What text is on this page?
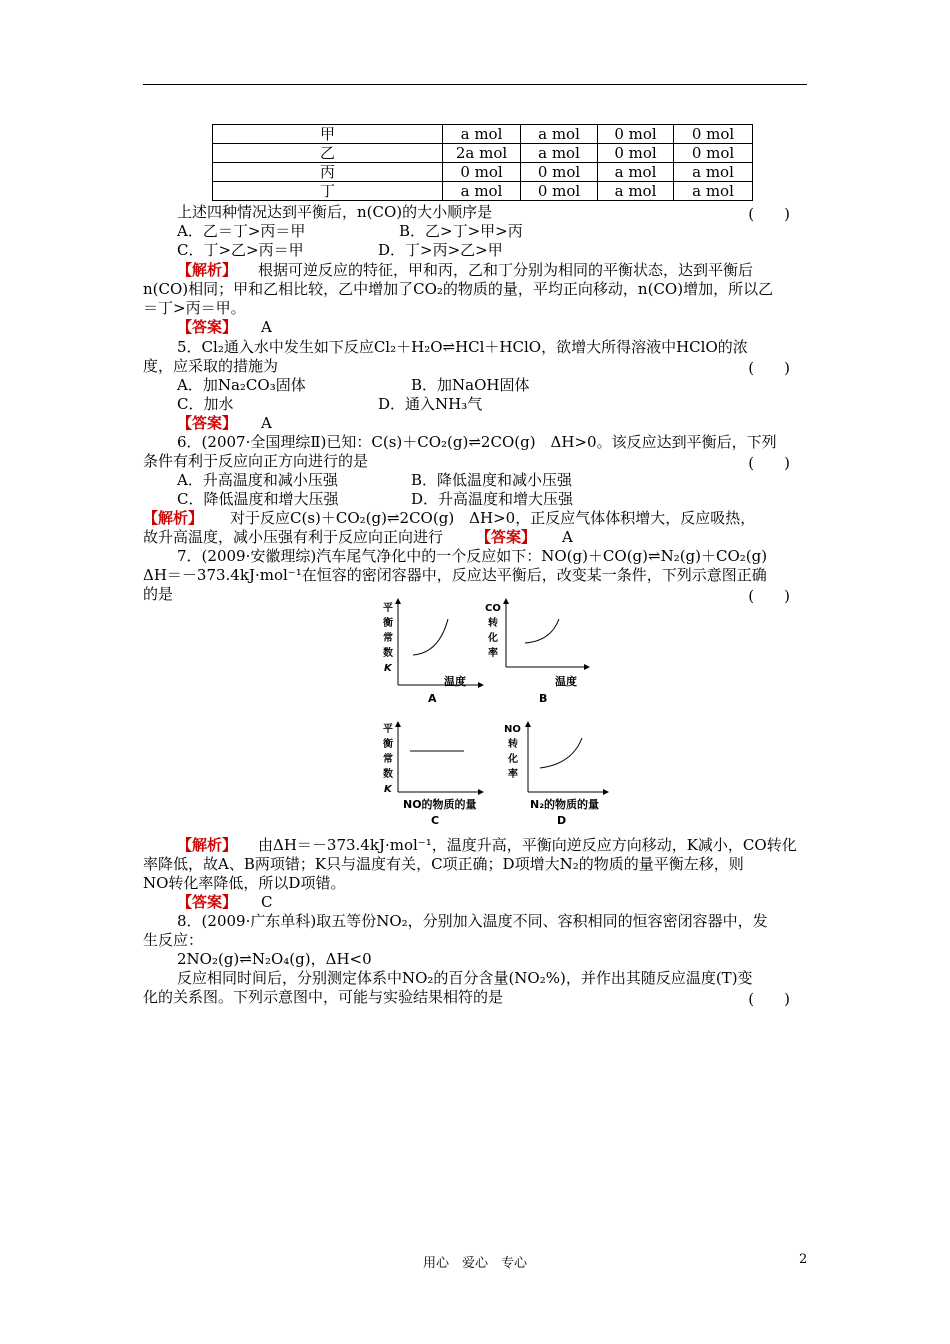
甲	a mol	a mol	0 mol	0 mol
乙	2a mol	a mol	0 mol	0 mol
丙	0 mol	0 mol	a mol	a mol
丁	a mol	0 mol	a mol	a mol
上述四种情况达到平衡后，n(CO)的大小顺序是	(　　)
A．乙＝丁>丙＝甲	B．乙>丁>甲>丙
C．丁>乙>丙＝甲	D．丁>丙>乙>甲
【解析】 根据可逆反应的特征，甲和丙，乙和丁分别为相同的平衡状态，达到平衡后
n(CO)相同；甲和乙相比较，乙中增加了CO₂的物质的量，平均正向移动，n(CO)增加，所以乙
＝丁>丙＝甲。
【答案】 A
5．Cl₂通入水中发生如下反应Cl₂＋H₂O⇌HCl＋HClO，欲增大所得溶液中HClO的浓
度，应采取的措施为	(　　)
A．加Na₂CO₃固体	B．加NaOH固体
C．加水	D．通入NH₃气
【答案】 A
6．(2007·全国理综Ⅱ)已知：C(s)＋CO₂(g)⇌2CO(g)　ΔH>0。该反应达到平衡后，下列
条件有利于反应向正方向进行的是	(　　)
A．升高温度和减小压强	B．降低温度和减小压强
C．降低温度和增大压强	D．升高温度和增大压强
【解析】 对于反应C(s)＋CO₂(g)⇌2CO(g)　ΔH>0，正反应气体体积增大，反应吸热，
故升高温度，减小压强有利于反应向正向进行 【答案】 A
7．(2009·安徽理综)汽车尾气净化中的一个反应如下：NO(g)＋CO(g)⇌N₂(g)＋CO₂(g)
ΔH＝－373.4kJ·mol⁻¹在恒容的密闭容器中，反应达平衡后，改变某一条件，下列示意图正确
的是	(　　)
平
衡
常
数
K
温度
A
CO
转
化
率
温度
B
平
衡
常
数
K
NO的物质的量
C
NO
转
化
率
N₂的物质的量
D
【解析】 由ΔH＝－373.4kJ·mol⁻¹，温度升高，平衡向逆反应方向移动，K减小，CO转化
率降低，故A、B两项错；K只与温度有关，C项正确；D项增大N₂的物质的量平衡左移，则
NO转化率降低，所以D项错。
【答案】 C
8．(2009·广东单科)取五等份NO₂，分别加入温度不同、容积相同的恒容密闭容器中，发
生反应：
2NO₂(g)⇌N₂O₄(g)，ΔH<0
反应相同时间后，分别测定体系中NO₂的百分含量(NO₂%)，并作出其随反应温度(T)变
化的关系图。下列示意图中，可能与实验结果相符的是	(　　)
用心　爱心　专心	2
